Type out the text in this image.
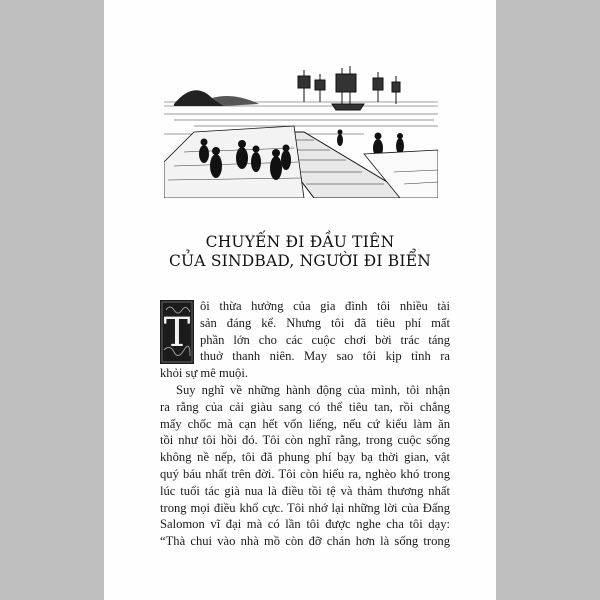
CHUYẾN ĐI ĐẦU TIÊN
CỦA SINDBAD, NGƯỜI ĐI BIỂN
T
ôi thừa hưởng của gia đình tôi nhiều tài
sản đáng kể. Nhưng tôi đã tiêu phí mất
phần lớn cho các cuộc chơi bời trác táng
thuở thanh niên. May sao tôi kịp tỉnh ra
khỏi sự mê muội.
Suy nghĩ về những hành động của mình, tôi nhận
ra rằng của cải giàu sang có thể tiêu tan, rồi chẳng
mấy chốc mà cạn hết vốn liếng, nếu cứ kiểu làm ăn
tồi như tôi hồi đó. Tôi còn nghĩ rằng, trong cuộc sống
không nề nếp, tôi đã phung phí bạy bạ thời gian, vật
quý báu nhất trên đời. Tôi còn hiểu ra, nghèo khó trong
lúc tuổi tác già nua là điều tồi tệ và thảm thương nhất
trong mọi điều khổ cực. Tôi nhớ lại những lời của Đấng
Salomon vĩ đại mà có lần tôi được nghe cha tôi dạy:
“Thà chui vào nhà mồ còn đỡ chán hơn là sống trong
